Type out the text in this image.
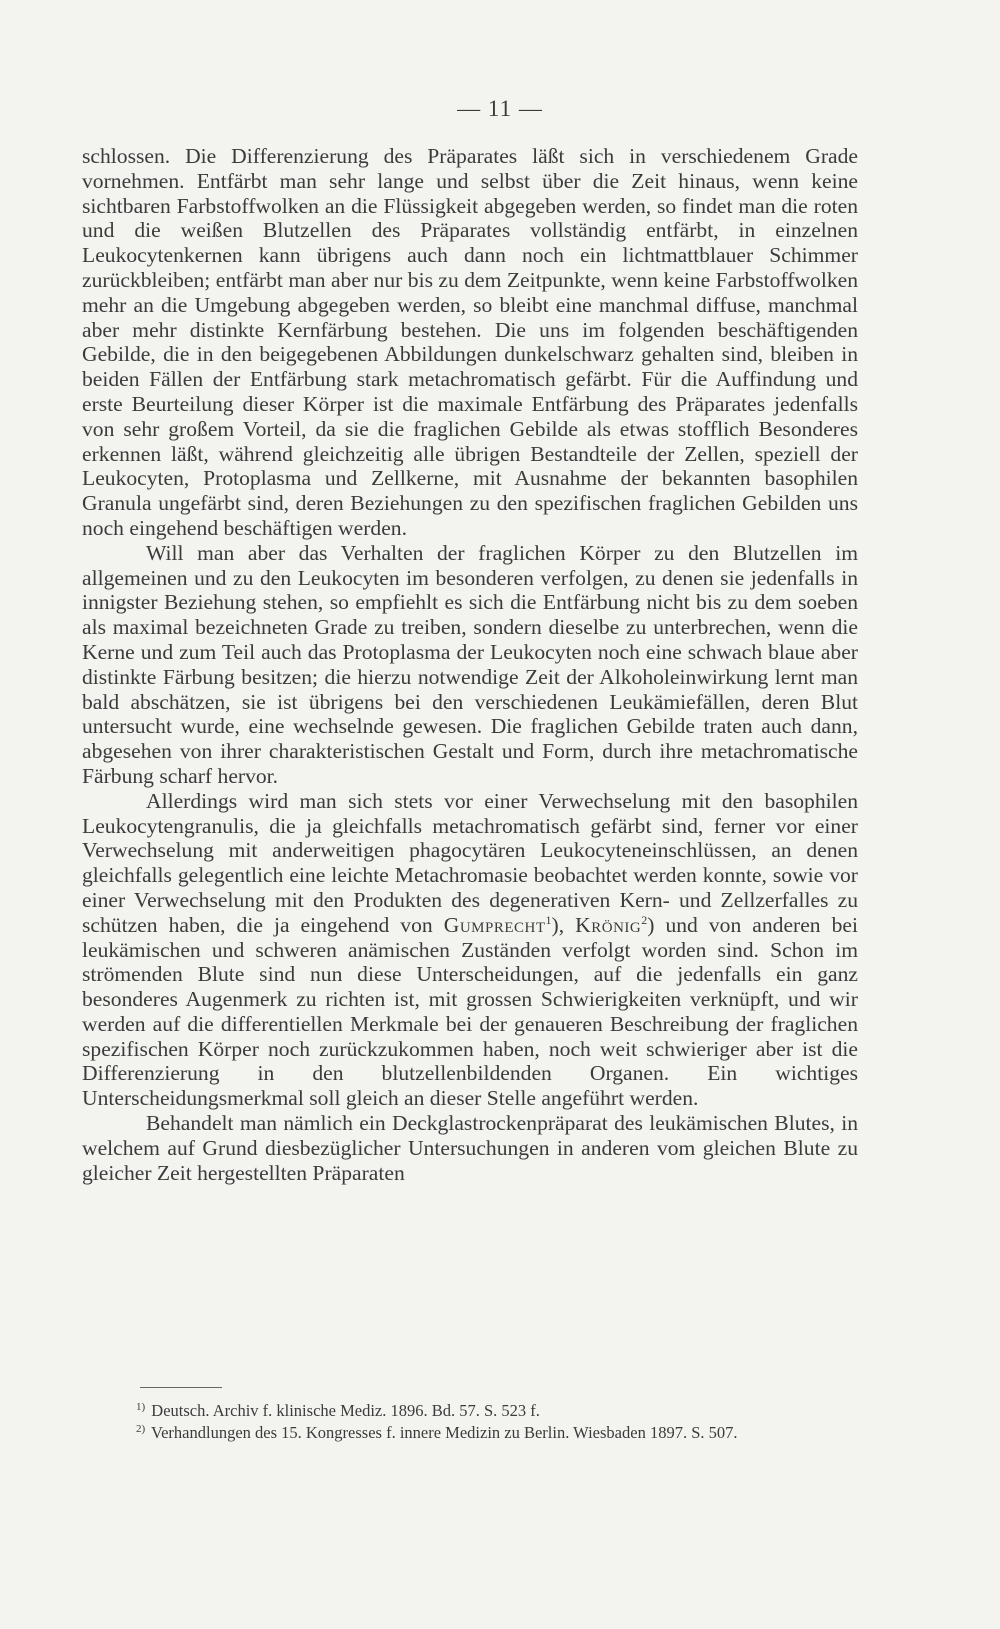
— 11 —

schlossen. Die Differenzierung des Präparates läßt sich in verschiedenem Grade vornehmen. Entfärbt man sehr lange und selbst über die Zeit hinaus, wenn keine sichtbaren Farbstoffwolken an die Flüssigkeit abgegeben werden, so findet man die roten und die weißen Blutzellen des Präparates vollständig entfärbt, in einzelnen Leukocytenkernen kann übrigens auch dann noch ein lichtmattblauer Schimmer zurückbleiben; entfärbt man aber nur bis zu dem Zeitpunkte, wenn keine Farbstoffwolken mehr an die Umgebung abgegeben werden, so bleibt eine manchmal diffuse, manchmal aber mehr distinkte Kernfärbung bestehen. Die uns im folgenden beschäftigenden Gebilde, die in den beigegebenen Abbildungen dunkelschwarz gehalten sind, bleiben in beiden Fällen der Entfärbung stark metachromatisch gefärbt. Für die Auffindung und erste Beurteilung dieser Körper ist die maximale Entfärbung des Präparates jedenfalls von sehr großem Vorteil, da sie die fraglichen Gebilde als etwas stofflich Besonderes erkennen läßt, während gleichzeitig alle übrigen Bestandteile der Zellen, speziell der Leukocyten, Protoplasma und Zellkerne, mit Ausnahme der bekannten basophilen Granula ungefärbt sind, deren Beziehungen zu den spezifischen fraglichen Gebilden uns noch eingehend beschäftigen werden.

Will man aber das Verhalten der fraglichen Körper zu den Blutzellen im allgemeinen und zu den Leukocyten im besonderen verfolgen, zu denen sie jedenfalls in innigster Beziehung stehen, so empfiehlt es sich die Entfärbung nicht bis zu dem soeben als maximal bezeichneten Grade zu treiben, sondern dieselbe zu unterbrechen, wenn die Kerne und zum Teil auch das Protoplasma der Leukocyten noch eine schwach blaue aber distinkte Färbung besitzen; die hierzu notwendige Zeit der Alkoholeinwirkung lernt man bald abschätzen, sie ist übrigens bei den verschiedenen Leukämiefällen, deren Blut untersucht wurde, eine wechselnde gewesen. Die fraglichen Gebilde traten auch dann, abgesehen von ihrer charakteristischen Gestalt und Form, durch ihre metachromatische Färbung scharf hervor.

Allerdings wird man sich stets vor einer Verwechselung mit den basophilen Leukocytengranulis, die ja gleichfalls metachromatisch gefärbt sind, ferner vor einer Verwechselung mit anderweitigen phagocytären Leukocyteneinschlüssen, an denen gleichfalls gelegentlich eine leichte Metachromasie beobachtet werden konnte, sowie vor einer Verwechselung mit den Produkten des degenerativen Kern- und Zellzerfalles zu schützen haben, die ja eingehend von Gumprecht$^1$), Krönig$^2$) und von anderen bei leukämischen und schweren anämischen Zuständen verfolgt worden sind. Schon im strömenden Blute sind nun diese Unterscheidungen, auf die jedenfalls ein ganz besonderes Augenmerk zu richten ist, mit grossen Schwierigkeiten verknüpft, und wir werden auf die differentiellen Merkmale bei der genaueren Beschreibung der fraglichen spezifischen Körper noch zurückzukommen haben, noch weit schwieriger aber ist die Differenzierung in den blutzellenbildenden Organen. Ein wichtiges Unterscheidungsmerkmal soll gleich an dieser Stelle angeführt werden.

Behandelt man nämlich ein Deckglastrockenpräparat des leukämischen Blutes, in welchem auf Grund diesbezüglicher Untersuchungen in anderen vom gleichen Blute zu gleicher Zeit hergestellten Präparaten

$^{1)}$ Deutsch. Archiv f. klinische Mediz. 1896. Bd. 57. S. 523 f.

$^{2)}$ Verhandlungen des 15. Kongresses f. innere Medizin zu Berlin. Wiesbaden 1897. S. 507.
